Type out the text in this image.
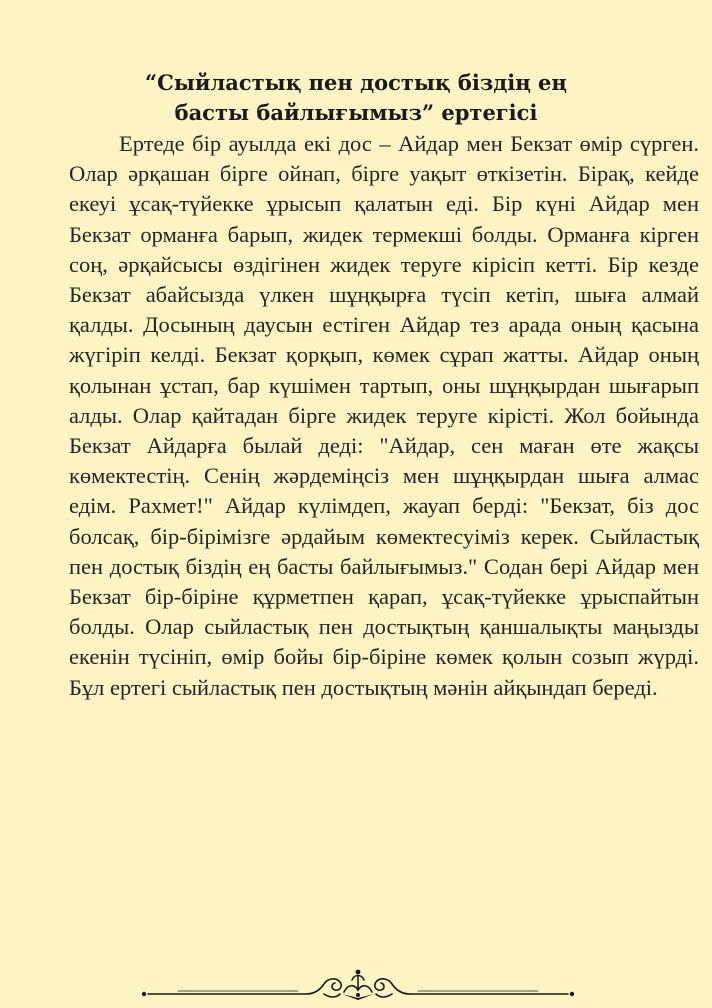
“Сыйластық пен достық біздің ең басты байлығымыз” ертегісі

Ертеде бір ауылда екі дос – Айдар мен Бекзат өмір сүрген. Олар әрқашан бірге ойнап, бірге уақыт өткізетін. Бірақ, кейде екеуі ұсақ-түйекке ұрысып қалатын еді. Бір күні Айдар мен Бекзат орманға барып, жидек термекші болды. Орманға кірген соң, әрқайсысы өздігінен жидек теруге кірісіп кетті. Бір кезде Бекзат абайсызда үлкен шұңқырға түсіп кетіп, шыға алмай қалды. Досының даусын естіген Айдар тез арада оның қасына жүгіріп келді. Бекзат қорқып, көмек сұрап жатты. Айдар оның қолынан ұстап, бар күшімен тартып, оны шұңқырдан шығарып алды. Олар қайтадан бірге жидек теруге кірісті. Жол бойында Бекзат Айдарға былай деді: "Айдар, сен маған өте жақсы көмектестің. Сенің жәрдеміңсіз мен шұңқырдан шыға алмас едім. Рахмет!" Айдар күлімдеп, жауап берді: "Бекзат, біз дос болсақ, бір-бірімізге әрдайым көмектесуіміз керек. Сыйластық пен достық біздің ең басты байлығымыз." Содан бері Айдар мен Бекзат бір-біріне құрметпен қарап, ұсақ-түйекке ұрыспайтын болды. Олар сыйластық пен достықтың қаншалықты маңызды екенін түсініп, өмір бойы бір-біріне көмек қолын созып жүрді. Бұл ертегі сыйластық пен достықтың мәнін айқындап береді.
